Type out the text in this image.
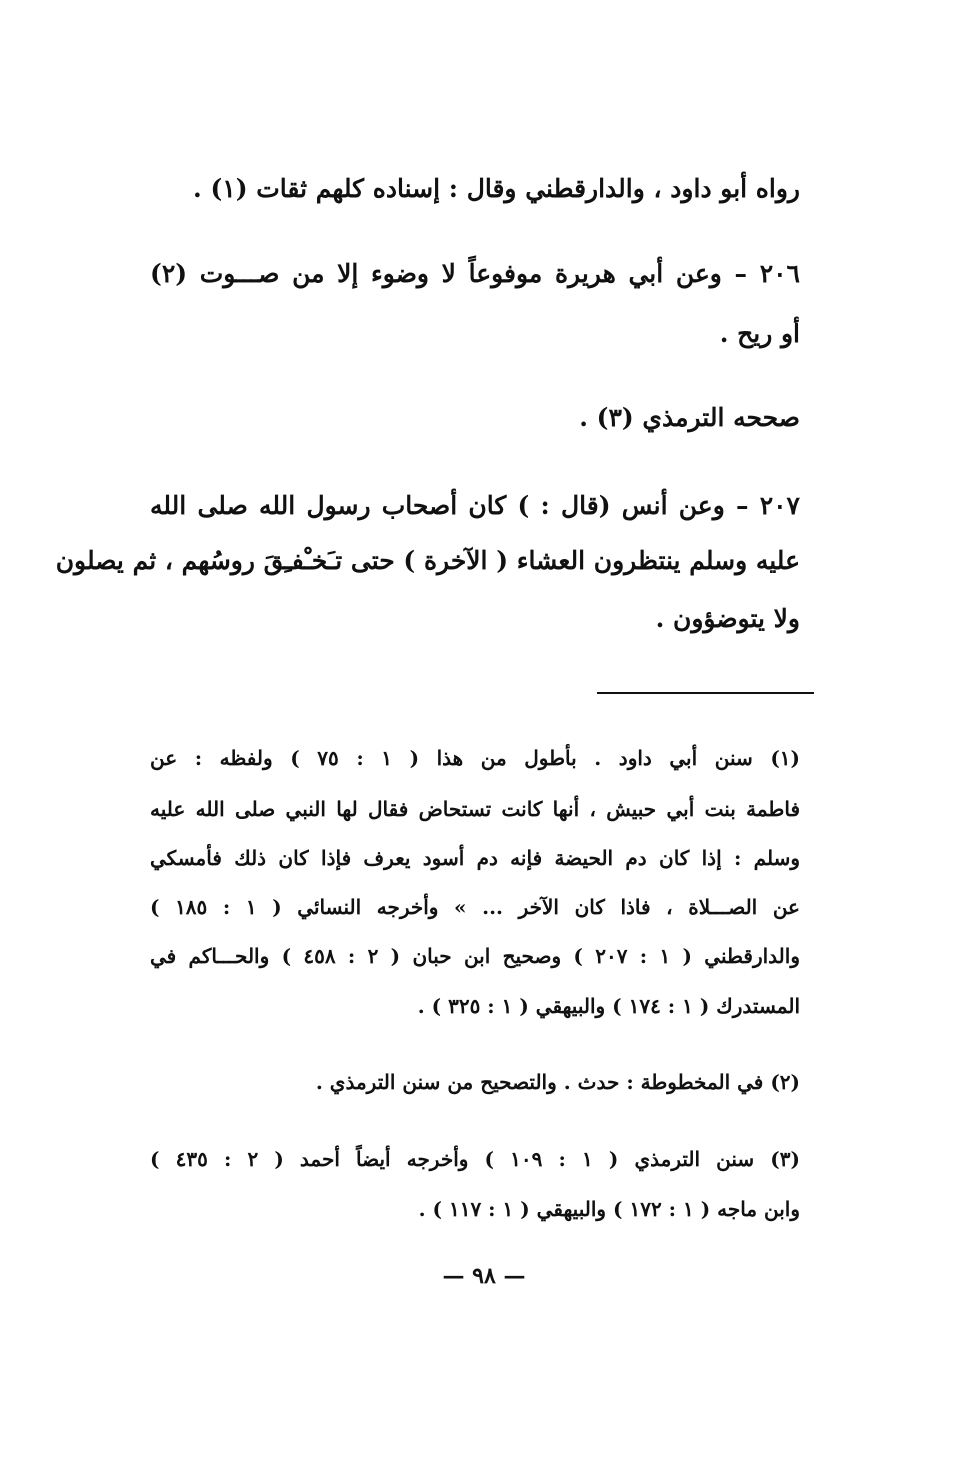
رواه أبو داود ، والدارقطني وقال : إسناده كلهم ثقات (١) .
٢٠٦ – وعن أبي هريرة موفوعاً لا وضوء إلا من صـــوت (٢)
أو ريح .
صححه الترمذي (٣) .
٢٠٧ – وعن أنس (قال : ) كان أصحاب رسول الله صلى الله
عليه وسلم ينتظرون العشاء ( الآخرة ) حتى تـَخـْفـِقَ روسُهم ، ثم يصلون
ولا يتوضؤون .
(١) سنن أبي داود . بأطول من هذا ( ١ : ٧٥ ) ولفظه : عن
فاطمة بنت أبي حبيش ، أنها كانت تستحاض فقال لها النبي صلى الله عليه
وسلم : إذا كان دم الحيضة فإنه دم أسود يعرف فإذا كان ذلك فأمسكي
عن الصـــلاة ، فاذا كان الآخر ... » وأخرجه النسائي ( ١ : ١٨٥ )
والدارقطني ( ١ : ٢٠٧ ) وصحيح ابن حبان ( ٢ : ٤٥٨ ) والحـــاكم في
المستدرك ( ١ : ١٧٤ ) والبيهقي ( ١ : ٣٢٥ ) .
(٢) في المخطوطة : حدث . والتصحيح من سنن الترمذي .
(٣) سنن الترمذي ( ١ : ١٠٩ ) وأخرجه أيضاً أحمد ( ٢ : ٤٣٥ )
وابن ماجه ( ١ : ١٧٢ ) والبيهقي ( ١ : ١١٧ ) .
— ٩٨ —
